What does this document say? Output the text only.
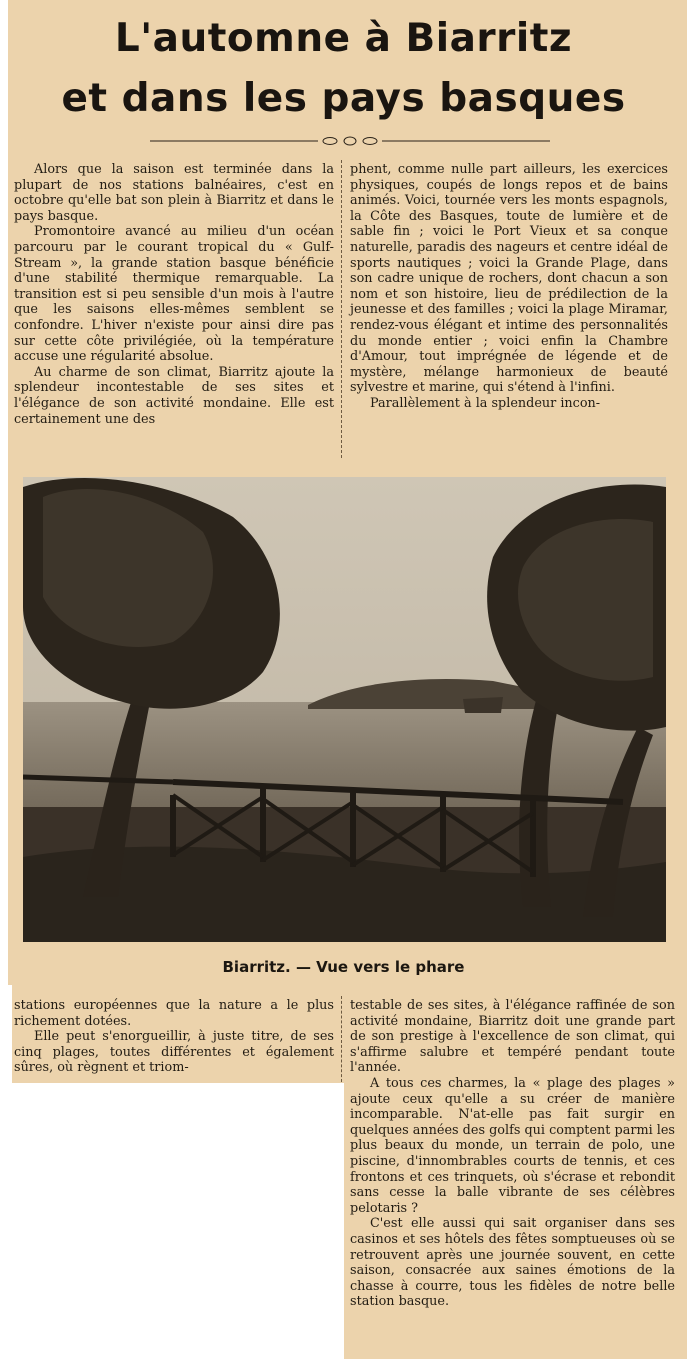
L'automne à Biarritz
et dans les pays basques

Alors que la saison est terminée dans la plupart de nos stations balnéaires, c'est en octobre qu'elle bat son plein à Biarritz et dans le pays basque.

Promontoire avancé au milieu d'un océan parcouru par le courant tropical du « Gulf-Stream », la grande station basque bénéficie d'une stabilité thermique remarquable. La transition est si peu sensible d'un mois à l'autre que les saisons elles-mêmes semblent se confondre. L'hiver n'existe pour ainsi dire pas sur cette côte privilégiée, où la température accuse une régularité absolue.

Au charme de son climat, Biarritz ajoute la splendeur incontestable de ses sites et l'élégance de son activité mondaine. Elle est certainement une des

phent, comme nulle part ailleurs, les exercices physiques, coupés de longs repos et de bains animés. Voici, tournée vers les monts espagnols, la Côte des Basques, toute de lumière et de sable fin ; voici le Port Vieux et sa conque naturelle, paradis des nageurs et centre idéal de sports nautiques ; voici la Grande Plage, dans son cadre unique de rochers, dont chacun a son nom et son histoire, lieu de prédilection de la jeunesse et des familles ; voici la plage Miramar, rendez-vous élégant et intime des personnalités du monde entier ; voici enfin la Chambre d'Amour, tout imprégnée de légende et de mystère, mélange harmonieux de beauté sylvestre et marine, qui s'étend à l'infini.

Parallèlement à la splendeur incon-

Biarritz. — Vue vers le phare

stations européennes que la nature a le plus richement dotées.

Elle peut s'enorgueillir, à juste titre, de ses cinq plages, toutes différentes et également sûres, où règnent et triom-

testable de ses sites, à l'élégance raffinée de son activité mondaine, Biarritz doit une grande part de son prestige à l'excellence de son climat, qui s'affirme salubre et tempéré pendant toute l'année.

A tous ces charmes, la « plage des plages » ajoute ceux qu'elle a su créer de manière incomparable. N'at-elle pas fait surgir en quelques années des golfs qui comptent parmi les plus beaux du monde, un terrain de polo, une piscine, d'innombrables courts de tennis, et ces frontons et ces trinquets, où s'écrase et rebondit sans cesse la balle vibrante de ses célèbres pelotaris ?

C'est elle aussi qui sait organiser dans ses casinos et ses hôtels des fêtes somptueuses où se retrouvent après une journée souvent, en cette saison, consacrée aux saines émotions de la chasse à courre, tous les fidèles de notre belle station basque.
